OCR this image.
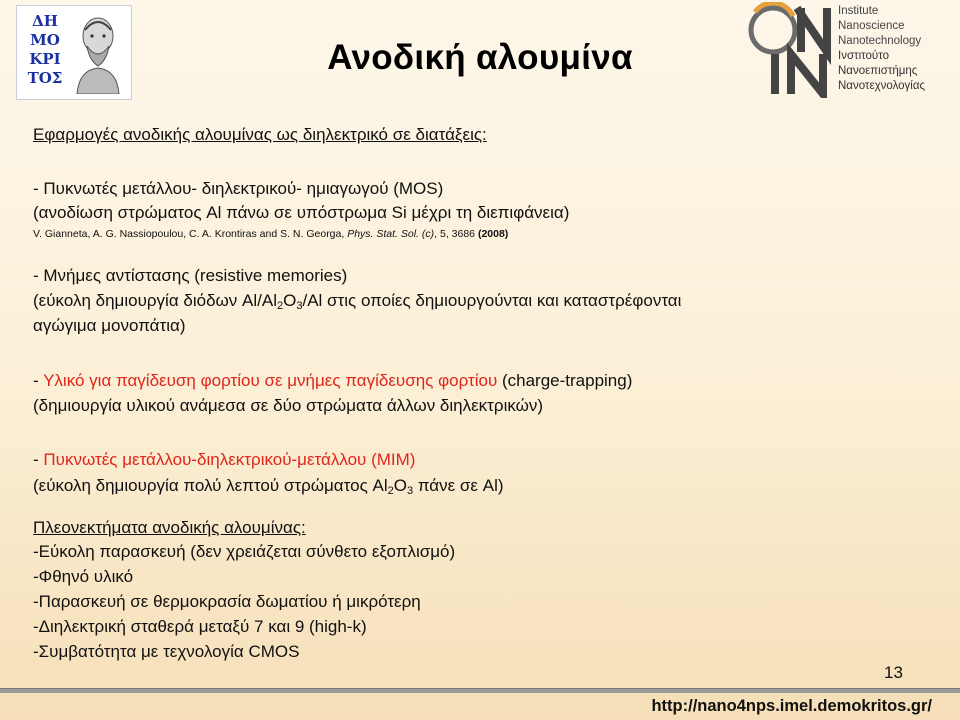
ΔΗ
ΜΟ
ΚΡΙ
ΤΟΣ
Ανοδική αλουμίνα
Institute
Nanoscience
Nanotechnology
Ινστιτούτο
Νανοεπιστήμης
Νανοτεχνολογίας
Εφαρμογές ανοδικής αλουμίνας ως διηλεκτρικό σε διατάξεις:
- Πυκνωτές μετάλλου- διηλεκτρικού- ημιαγωγού (MOS)
(ανοδίωση στρώματος Al πάνω σε υπόστρωμα Si μέχρι τη διεπιφάνεια)
V. Gianneta, A. G. Nassiopoulou, C. A. Krontiras and S. N. Georga, Phys. Stat. Sol. (c), 5, 3686 (2008)
- Μνήμες αντίστασης (resistive memories)
(εύκολη δημιουργία διόδων $Al/Al_2O_3/Al$ στις οποίες δημιουργούνται και καταστρέφονται
αγώγιμα μονοπάτια)
- Υλικό για παγίδευση φορτίου σε μνήμες παγίδευσης φορτίου (charge-trapping)
(δημιουργία υλικού ανάμεσα σε δύο στρώματα άλλων διηλεκτρικών)
- Πυκνωτές μετάλλου-διηλεκτρικού-μετάλλου (MIM)
(εύκολη δημιουργία πολύ λεπτού στρώματος $Al_2O_3$ πάνε σε Al)
Πλεονεκτήματα ανοδικής αλουμίνας:
-Εύκολη παρασκευή (δεν χρειάζεται σύνθετο εξοπλισμό)
-Φθηνό υλικό
-Παρασκευή σε θερμοκρασία δωματίου ή μικρότερη
-Διηλεκτρική σταθερά μεταξύ 7 και 9 (high-k)
-Συμβατότητα με τεχνολογία CMOS
13
http://nano4nps.imel.demokritos.gr/
